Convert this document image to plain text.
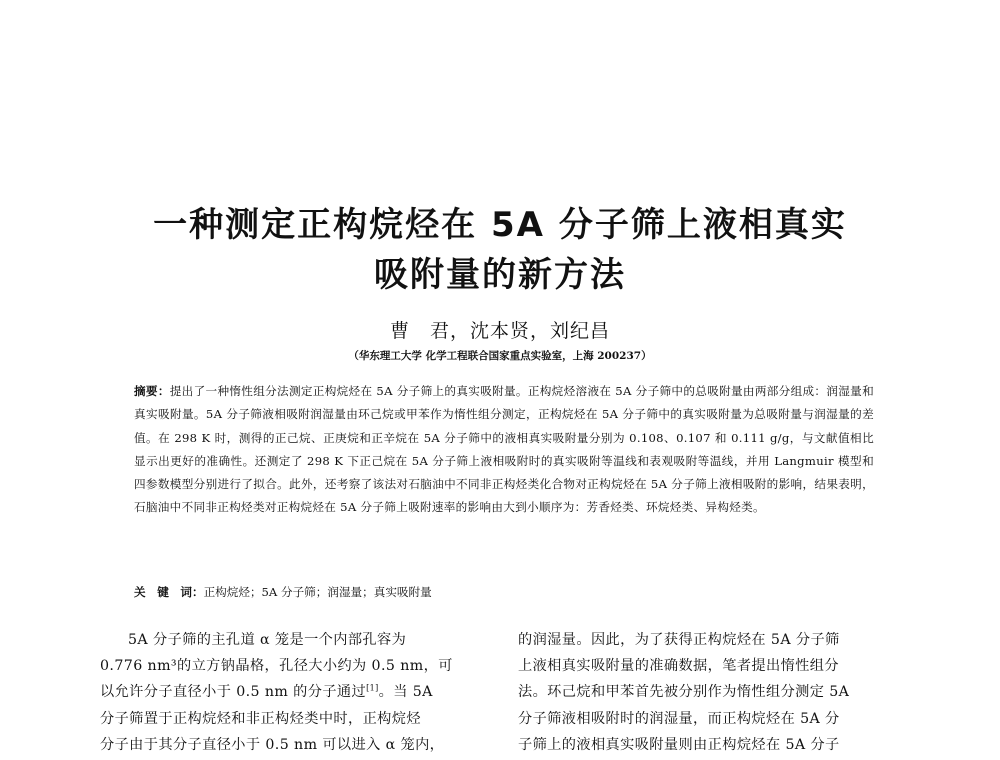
一种测定正构烷烃在 5A 分子筛上液相真实
吸附量的新方法
曹　君，沈本贤，刘纪昌
（华东理工大学 化学工程联合国家重点实验室，上海 200237）
摘要：提出了一种惰性组分法测定正构烷烃在 5A 分子筛上的真实吸附量。正构烷烃溶液在 5A 分子筛中的总吸附量由两部分组成：润湿量和真实吸附量。5A 分子筛液相吸附润湿量由环己烷或甲苯作为惰性组分测定，正构烷烃在 5A 分子筛中的真实吸附量为总吸附量与润湿量的差值。在 298 K 时，测得的正己烷、正庚烷和正辛烷在 5A 分子筛中的液相真实吸附量分别为 0.108、0.107 和 0.111 g/g，与文献值相比显示出更好的准确性。还测定了 298 K 下正己烷在 5A 分子筛上液相吸附时的真实吸附等温线和表观吸附等温线，并用 Langmuir 模型和四参数模型分别进行了拟合。此外，还考察了该法对石脑油中不同非正构烃类化合物对正构烷烃在 5A 分子筛上液相吸附的影响，结果表明，石脑油中不同非正构烃类对正构烷烃在 5A 分子筛上吸附速率的影响由大到小顺序为：芳香烃类、环烷烃类、异构烃类。
关　键　词：正构烷烃；5A 分子筛；润湿量；真实吸附量
5A 分子筛的主孔道 α 笼是一个内部孔容为
0.776 nm³的立方钠晶格，孔径大小约为 0.5 nm，可
以允许分子直径小于 0.5 nm 的分子通过[1]。当 5A
分子筛置于正构烷烃和非正构烃类中时，正构烷烃
分子由于其分子直径小于 0.5 nm 可以进入 α 笼内，
的润湿量。因此，为了获得正构烷烃在 5A 分子筛
上液相真实吸附量的准确数据，笔者提出惰性组分
法。环己烷和甲苯首先被分别作为惰性组分测定 5A
分子筛液相吸附时的润湿量，而正构烷烃在 5A 分
子筛上的液相真实吸附量则由正构烷烃在 5A 分子
